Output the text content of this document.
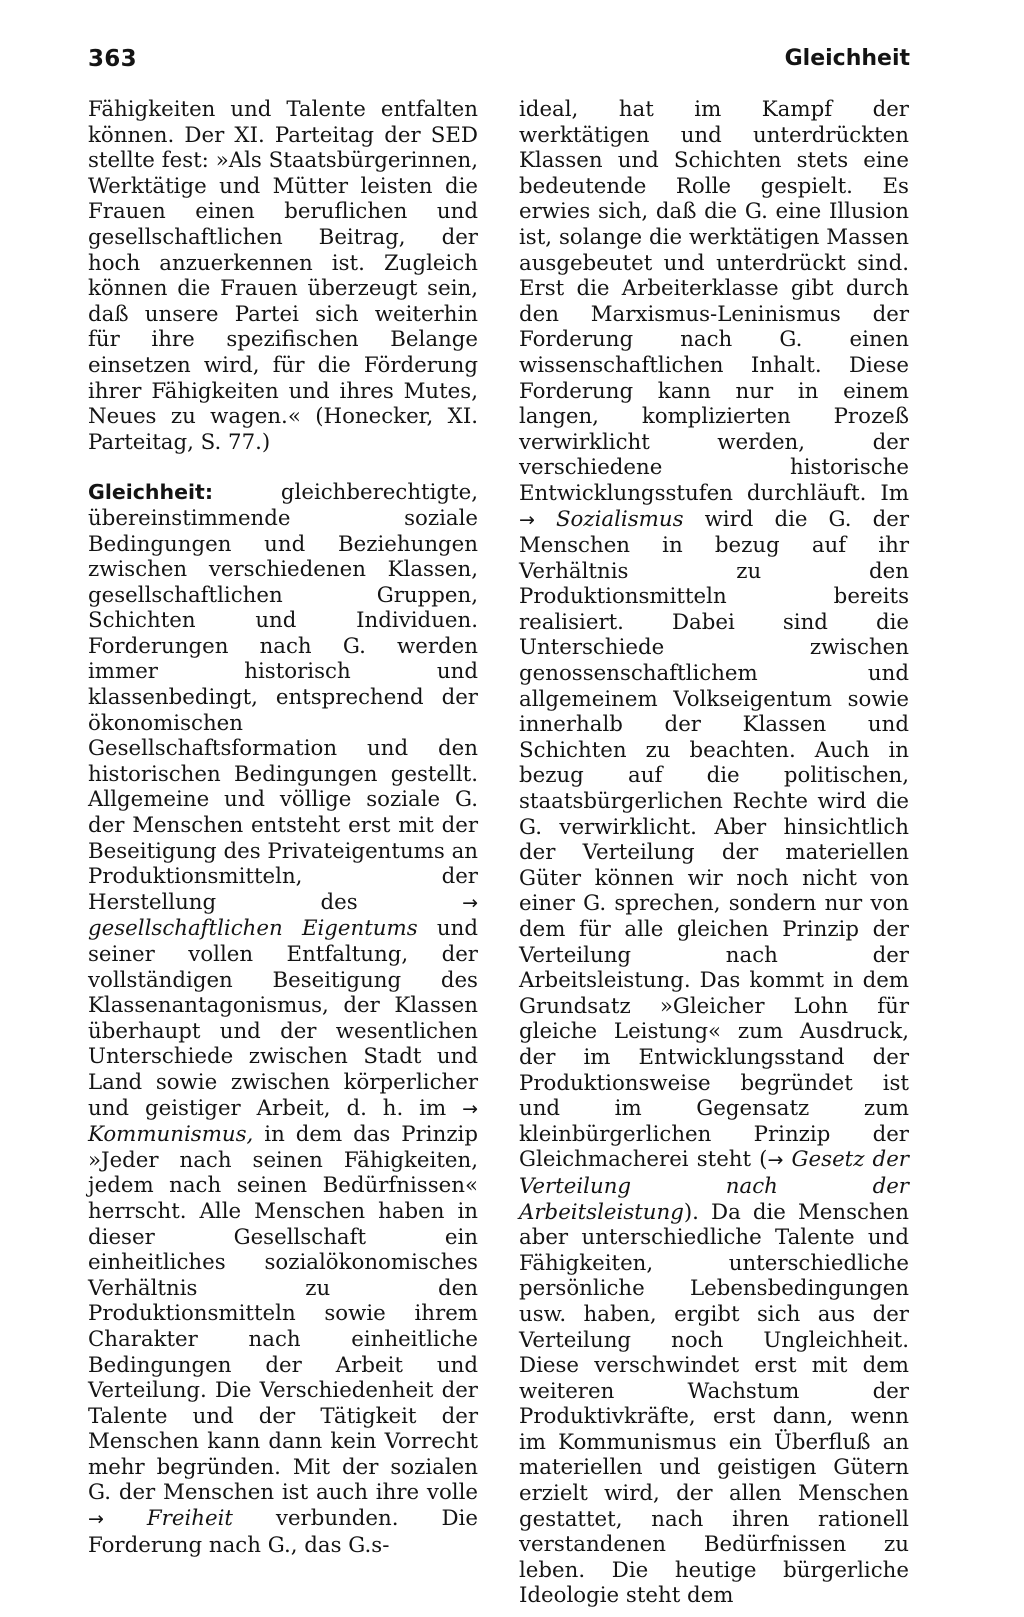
363	Gleichheit

Fähigkeiten und Talente entfalten können. Der XI. Parteitag der SED stellte fest: »Als Staatsbürgerinnen, Werktätige und Mütter leisten die Frauen einen beruflichen und gesellschaftlichen Beitrag, der hoch anzuerkennen ist. Zugleich können die Frauen überzeugt sein, daß unsere Partei sich weiterhin für ihre spezifischen Belange einsetzen wird, für die Förderung ihrer Fähigkeiten und ihres Mutes, Neues zu wagen.« (Honecker, XI. Parteitag, S. 77.)

Gleichheit:	gleichberechtigte, übereinstimmende soziale Bedingungen und Beziehungen zwischen verschiedenen Klassen, gesellschaftlichen Gruppen, Schichten und Individuen. Forderungen nach G. werden immer historisch und klassenbedingt, entsprechend der ökonomischen Gesellschaftsformation und den historischen Bedingungen gestellt. Allgemeine und völlige soziale G. der Menschen entsteht erst mit der Beseitigung des Privateigentums an Produktionsmitteln, der Herstellung des	→ gesellschaftlichen Eigentums und seiner vollen Entfaltung, der vollständigen Beseitigung des Klassenantagonismus, der Klassen überhaupt und der wesentlichen Unterschiede zwischen Stadt und Land sowie zwischen körperlicher und geistiger Arbeit, d. h. im → Kommunismus, in dem das Prinzip »Jeder nach seinen Fähigkeiten, jedem nach seinen Bedürfnissen« herrscht. Alle Menschen haben in dieser Gesellschaft ein einheitliches sozialökonomisches Verhältnis zu den Produktionsmitteln sowie ihrem Charakter nach einheitliche Bedingungen der Arbeit und Verteilung. Die Verschiedenheit der Talente und der Tätigkeit der Menschen kann dann kein Vorrecht mehr begründen. Mit der sozialen G. der Menschen ist auch ihre volle → Freiheit verbunden. Die Forderung nach G., das G.s-

ideal, hat im Kampf der werktätigen und unterdrückten Klassen und Schichten stets eine bedeutende Rolle gespielt. Es erwies sich, daß die G. eine Illusion ist, solange die werktätigen Massen ausgebeutet und unterdrückt sind. Erst die Arbeiterklasse gibt durch den Marxismus-Leninismus der Forderung nach G. einen wissenschaftlichen Inhalt. Diese Forderung kann nur in einem langen, komplizierten Prozeß verwirklicht werden, der verschiedene historische Entwicklungsstufen durchläuft. Im → Sozialismus wird die G. der Menschen in bezug auf ihr Verhältnis zu den Produktionsmitteln bereits realisiert. Dabei sind die Unterschiede zwischen genossenschaftlichem und allgemeinem Volkseigentum sowie innerhalb der Klassen und Schichten zu beachten. Auch in bezug auf die politischen, staatsbürgerlichen Rechte wird die G. verwirklicht. Aber hinsichtlich der Verteilung der materiellen Güter können wir noch nicht von einer G. sprechen, sondern nur von dem für alle gleichen Prinzip der Verteilung nach der Arbeitsleistung. Das kommt in dem Grundsatz »Gleicher Lohn für gleiche Leistung« zum Ausdruck, der im Entwicklungsstand der Produktionsweise begründet ist und im Gegensatz zum kleinbürgerlichen Prinzip der Gleichmacherei steht (→ Gesetz der Verteilung nach der Arbeitsleistung). Da die Menschen aber unterschiedliche Talente und Fähigkeiten, unterschiedliche persönliche Lebensbedingungen usw. haben, ergibt sich aus der Verteilung noch Ungleichheit. Diese verschwindet erst mit dem weiteren Wachstum der Produktivkräfte, erst dann, wenn im Kommunismus ein Überfluß an materiellen und geistigen Gütern erzielt wird, der allen Menschen gestattet, nach ihren rationell verstandenen Bedürfnissen zu leben. Die heutige bürgerliche Ideologie steht dem
